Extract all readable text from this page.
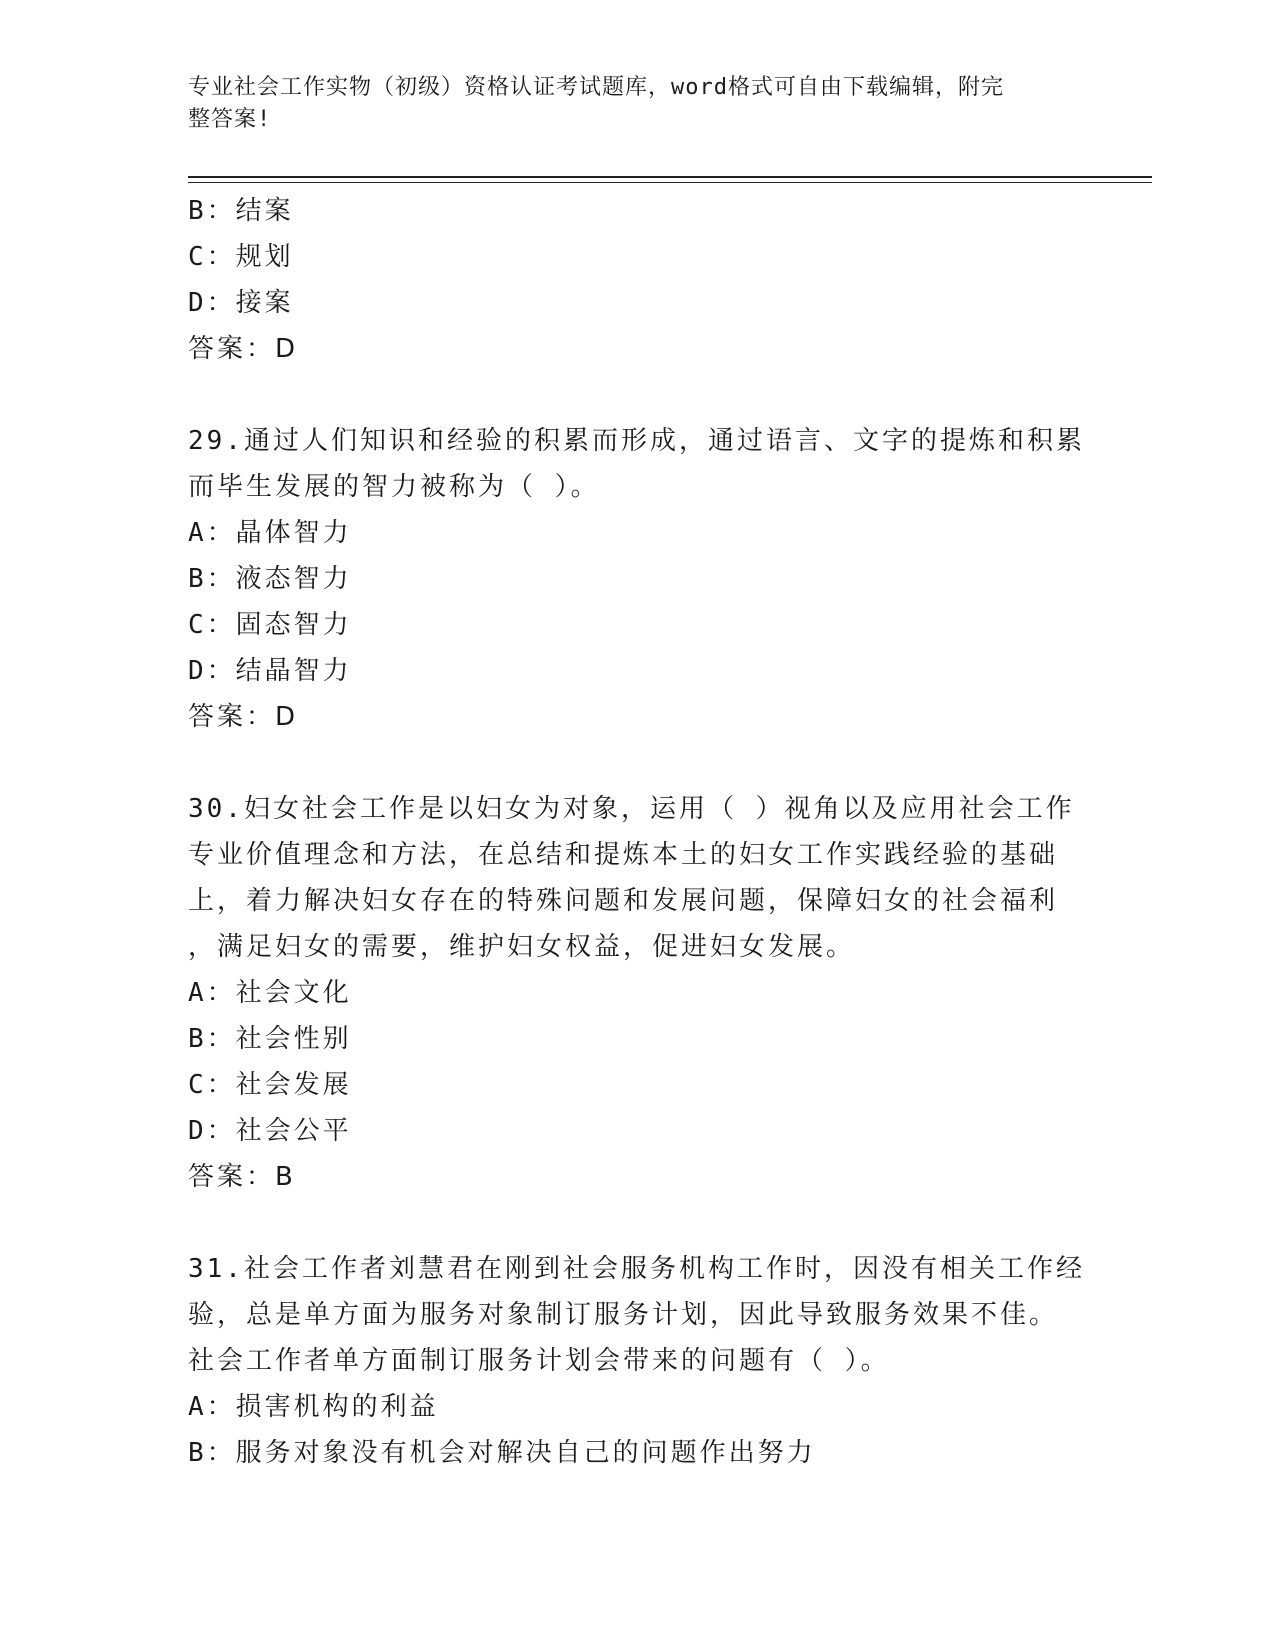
专业社会工作实物（初级）资格认证考试题库，word格式可自由下载编辑，附完
整答案!
B：结案
C：规划
D：接案
答案：D
29.通过人们知识和经验的积累而形成，通过语言、文字的提炼和积累
而毕生发展的智力被称为（ ）。
A：晶体智力
B：液态智力
C：固态智力
D：结晶智力
答案：D
30.妇女社会工作是以妇女为对象，运用（ ）视角以及应用社会工作
专业价值理念和方法，在总结和提炼本土的妇女工作实践经验的基础
上，着力解决妇女存在的特殊问题和发展问题，保障妇女的社会福利
，满足妇女的需要，维护妇女权益，促进妇女发展。
A：社会文化
B：社会性别
C：社会发展
D：社会公平
答案：B
31.社会工作者刘慧君在刚到社会服务机构工作时，因没有相关工作经
验，总是单方面为服务对象制订服务计划，因此导致服务效果不佳。
社会工作者单方面制订服务计划会带来的问题有（ ）。
A：损害机构的利益
B：服务对象没有机会对解决自己的问题作出努力
